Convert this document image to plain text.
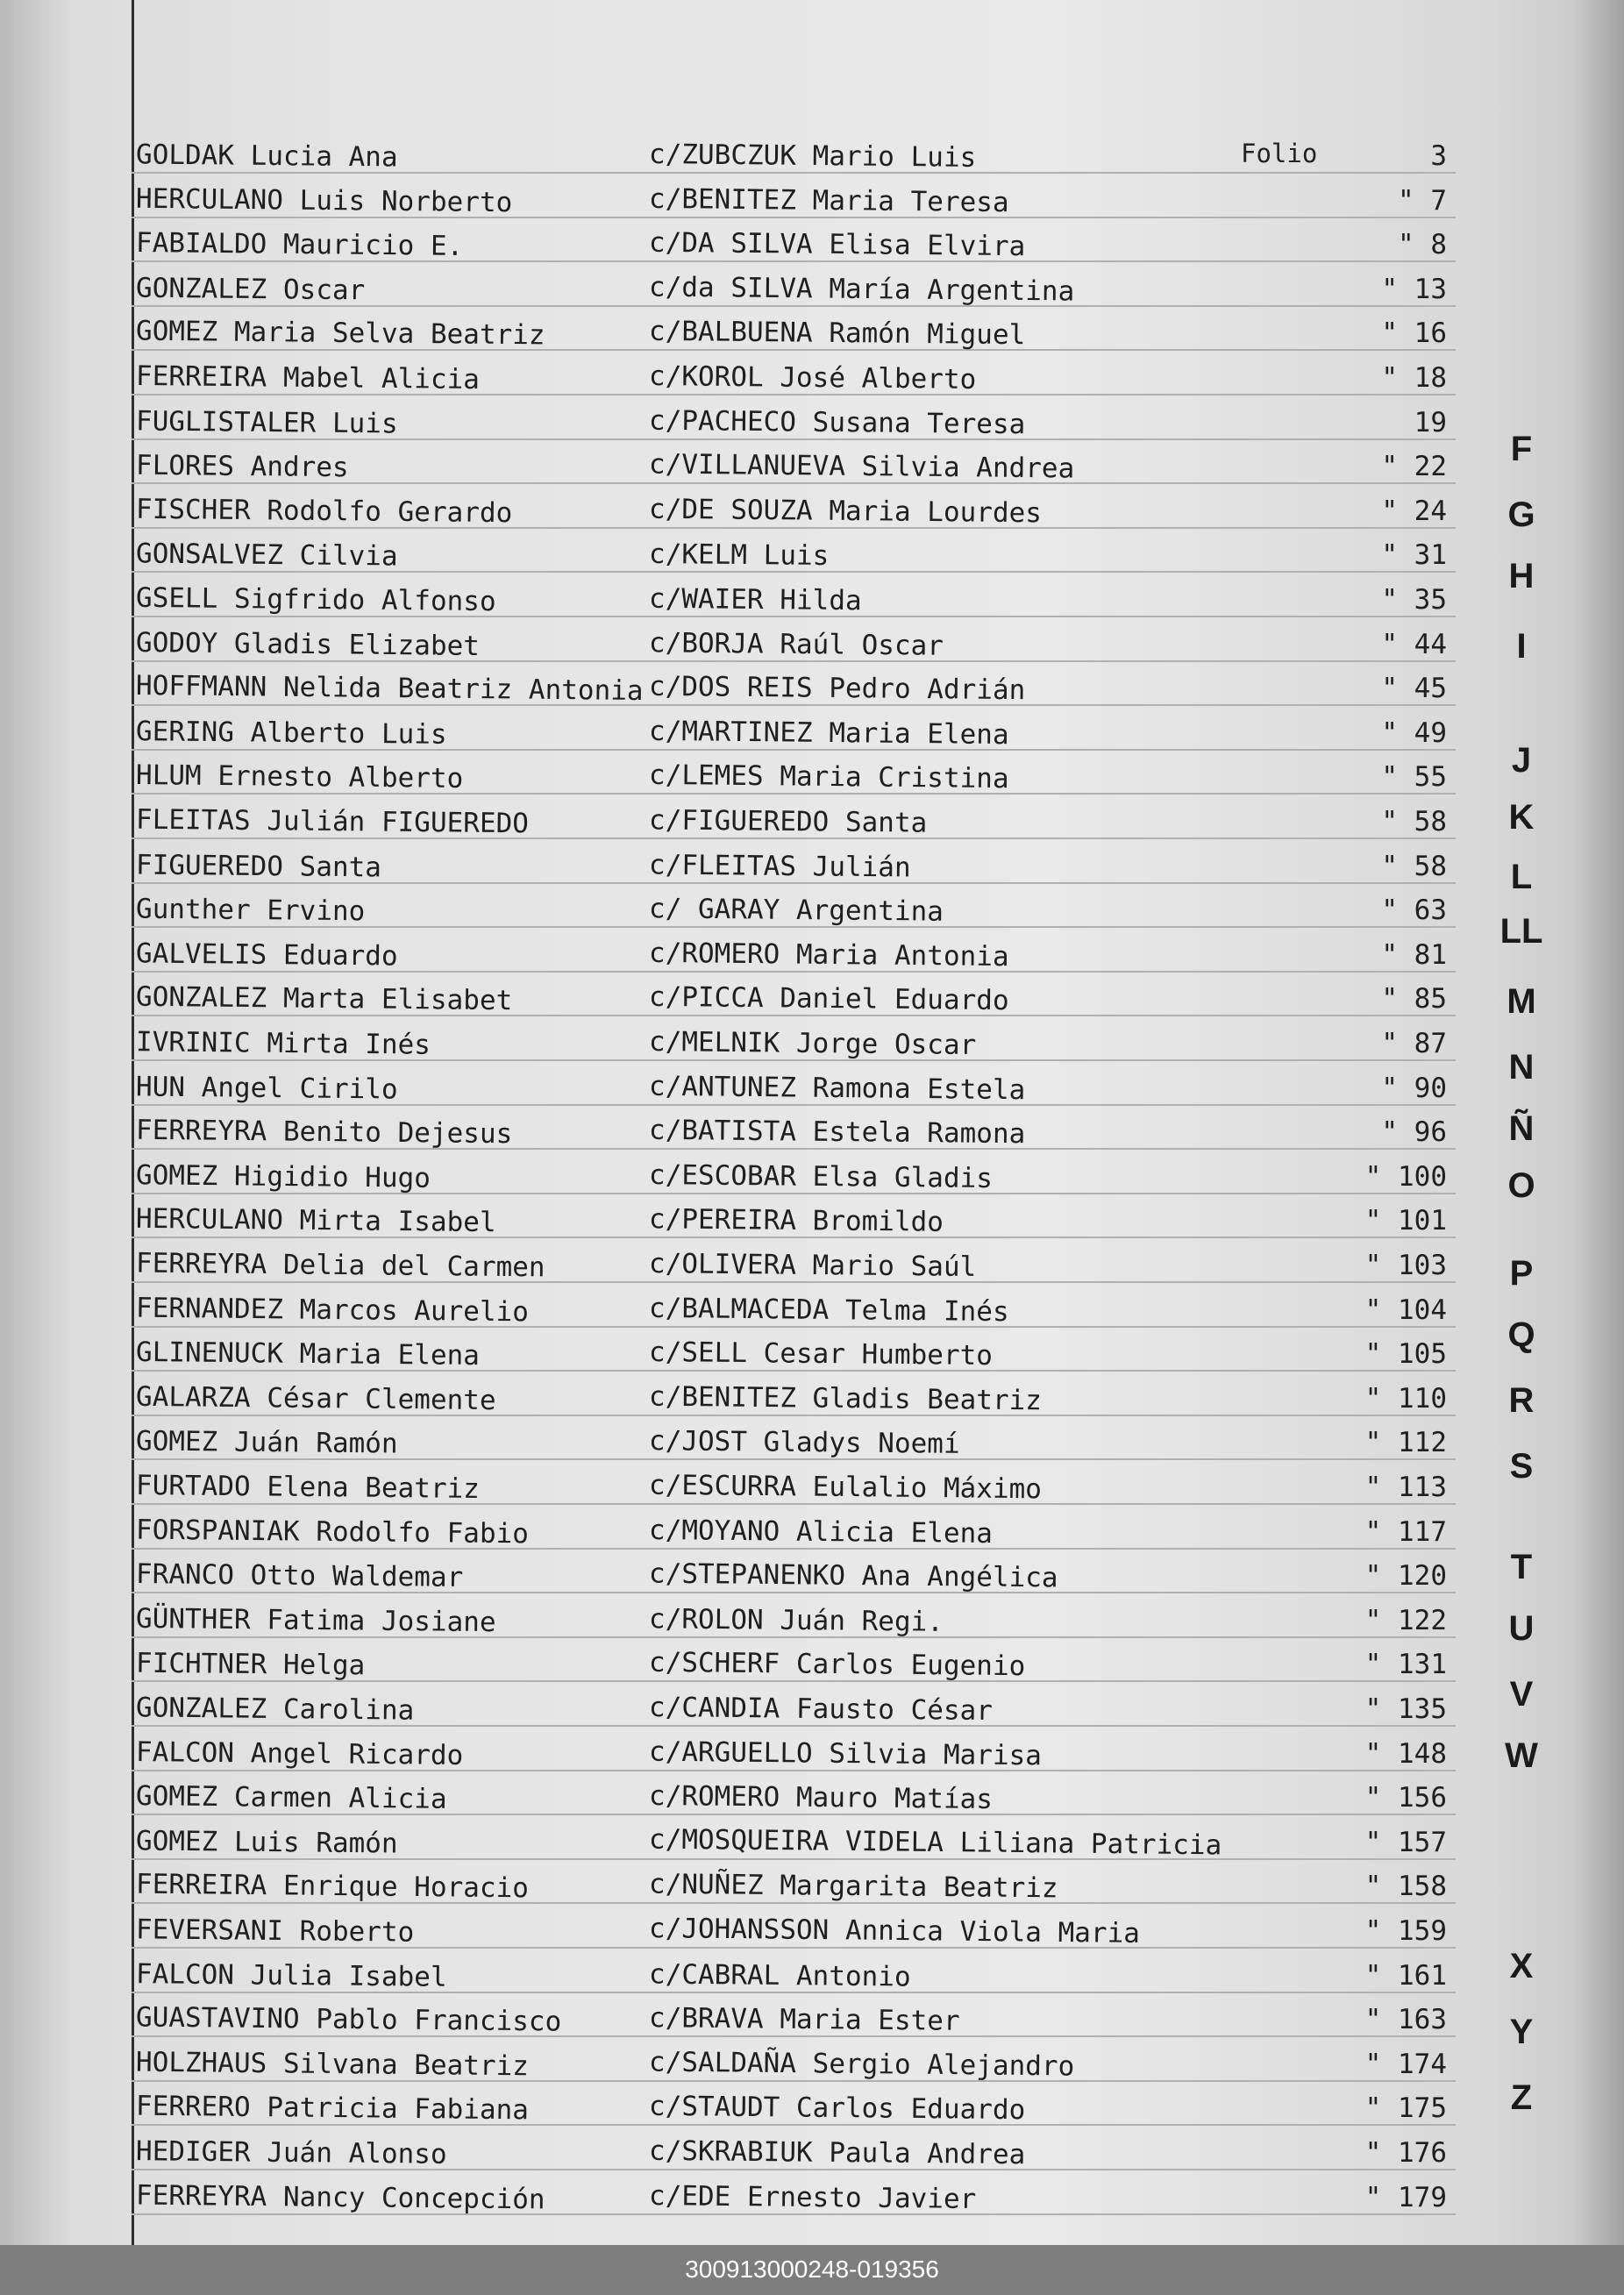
Folio
GOLDAK Lucia Ana	c/ZUBCZUK Mario Luis	3
HERCULANO Luis Norberto	c/BENITEZ Maria Teresa	" 7
FABIALDO Mauricio E.	c/DA SILVA Elisa Elvira	" 8
GONZALEZ Oscar	c/da SILVA María Argentina	" 13
GOMEZ Maria Selva Beatriz	c/BALBUENA Ramón Miguel	" 16
FERREIRA Mabel Alicia	c/KOROL José Alberto	" 18
FUGLISTALER Luis	c/PACHECO Susana Teresa	19
FLORES Andres	c/VILLANUEVA Silvia Andrea	" 22
FISCHER Rodolfo Gerardo	c/DE SOUZA Maria Lourdes	" 24
GONSALVEZ Cilvia	c/KELM Luis	" 31
GSELL Sigfrido Alfonso	c/WAIER Hilda	" 35
GODOY Gladis Elizabet	c/BORJA Raúl Oscar	" 44
HOFFMANN Nelida Beatriz Antonia c/DOS REIS Pedro Adrián	" 45
GERING Alberto Luis	c/MARTINEZ Maria Elena	" 49
HLUM Ernesto Alberto	c/LEMES Maria Cristina	" 55
FLEITAS Julián FIGUEREDO	c/FIGUEREDO Santa	" 58
FIGUEREDO Santa	c/FLEITAS Julián	" 58
Gunther Ervino	c/ GARAY Argentina	" 63
GALVELIS Eduardo	c/ROMERO Maria Antonia	" 81
GONZALEZ Marta Elisabet	c/PICCA Daniel Eduardo	" 85
IVRINIC Mirta Inés	c/MELNIK Jorge Oscar	" 87
HUN Angel Cirilo	c/ANTUNEZ Ramona Estela	" 90
FERREYRA Benito Dejesus	c/BATISTA Estela Ramona	" 96
GOMEZ Higidio Hugo	c/ESCOBAR Elsa Gladis	" 100
HERCULANO Mirta Isabel	c/PEREIRA Bromildo	" 101
FERREYRA Delia del Carmen	c/OLIVERA Mario Saúl	" 103
FERNANDEZ Marcos Aurelio	c/BALMACEDA Telma Inés	" 104
GLINENUCK Maria Elena	c/SELL Cesar Humberto	" 105
GALARZA César Clemente	c/BENITEZ Gladis Beatriz	" 110
GOMEZ Juán Ramón	c/JOST Gladys Noemí	" 112
FURTADO Elena Beatriz	c/ESCURRA Eulalio Máximo	" 113
FORSPANIAK Rodolfo Fabio	c/MOYANO Alicia Elena	" 117
FRANCO Otto Waldemar	c/STEPANENKO Ana Angélica	" 120
GÜNTHER Fatima Josiane	c/ROLON Juán Regi.	" 122
FICHTNER Helga	c/SCHERF Carlos Eugenio	" 131
GONZALEZ Carolina	c/CANDIA Fausto César	" 135
FALCON Angel Ricardo	c/ARGUELLO Silvia Marisa	" 148
GOMEZ Carmen Alicia	c/ROMERO Mauro Matías	" 156
GOMEZ Luis Ramón	c/MOSQUEIRA VIDELA Liliana Patricia	" 157
FERREIRA Enrique Horacio	c/NUÑEZ Margarita Beatriz	" 158
FEVERSANI Roberto	c/JOHANSSON Annica Viola Maria	" 159
FALCON Julia Isabel	c/CABRAL Antonio	" 161
GUASTAVINO Pablo Francisco	c/BRAVA Maria Ester	" 163
HOLZHAUS Silvana Beatriz	c/SALDAÑA Sergio Alejandro	" 174
FERRERO Patricia Fabiana	c/STAUDT Carlos Eduardo	" 175
HEDIGER Juán Alonso	c/SKRABIUK Paula Andrea	" 176
FERREYRA Nancy Concepción	c/EDE Ernesto Javier	" 179
F
G
H
I
J
K
L
LL
M
N
Ñ
O
P
Q
R
S
T
U
V
W
X
Y
Z
300913000248-019356
